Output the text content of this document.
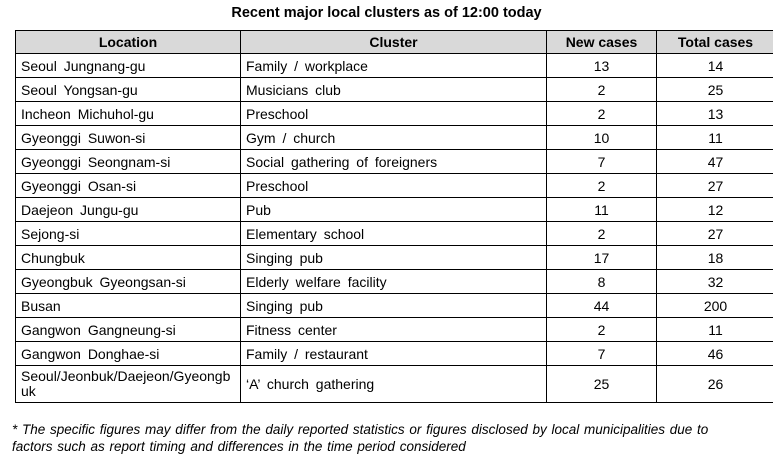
Recent major local clusters as of 12:00 today
Location	Cluster	New cases	Total cases
Seoul Jungnang-gu	Family / workplace	13	14
Seoul Yongsan-gu	Musicians club	2	25
Incheon Michuhol-gu	Preschool	2	13
Gyeonggi Suwon-si	Gym / church	10	11
Gyeonggi Seongnam-si	Social gathering of foreigners	7	47
Gyeonggi Osan-si	Preschool	2	27
Daejeon Jungu-gu	Pub	11	12
Sejong-si	Elementary school	2	27
Chungbuk	Singing pub	17	18
Gyeongbuk Gyeongsan-si	Elderly welfare facility	8	32
Busan	Singing pub	44	200
Gangwon Gangneung-si	Fitness center	2	11
Gangwon Donghae-si	Family / restaurant	7	46
Seoul/Jeonbuk/Daejeon/Gyeongbuk	‘A’ church gathering	25	26
* The specific figures may differ from the daily reported statistics or figures disclosed by local municipalities due to factors such as report timing and differences in the time period considered
